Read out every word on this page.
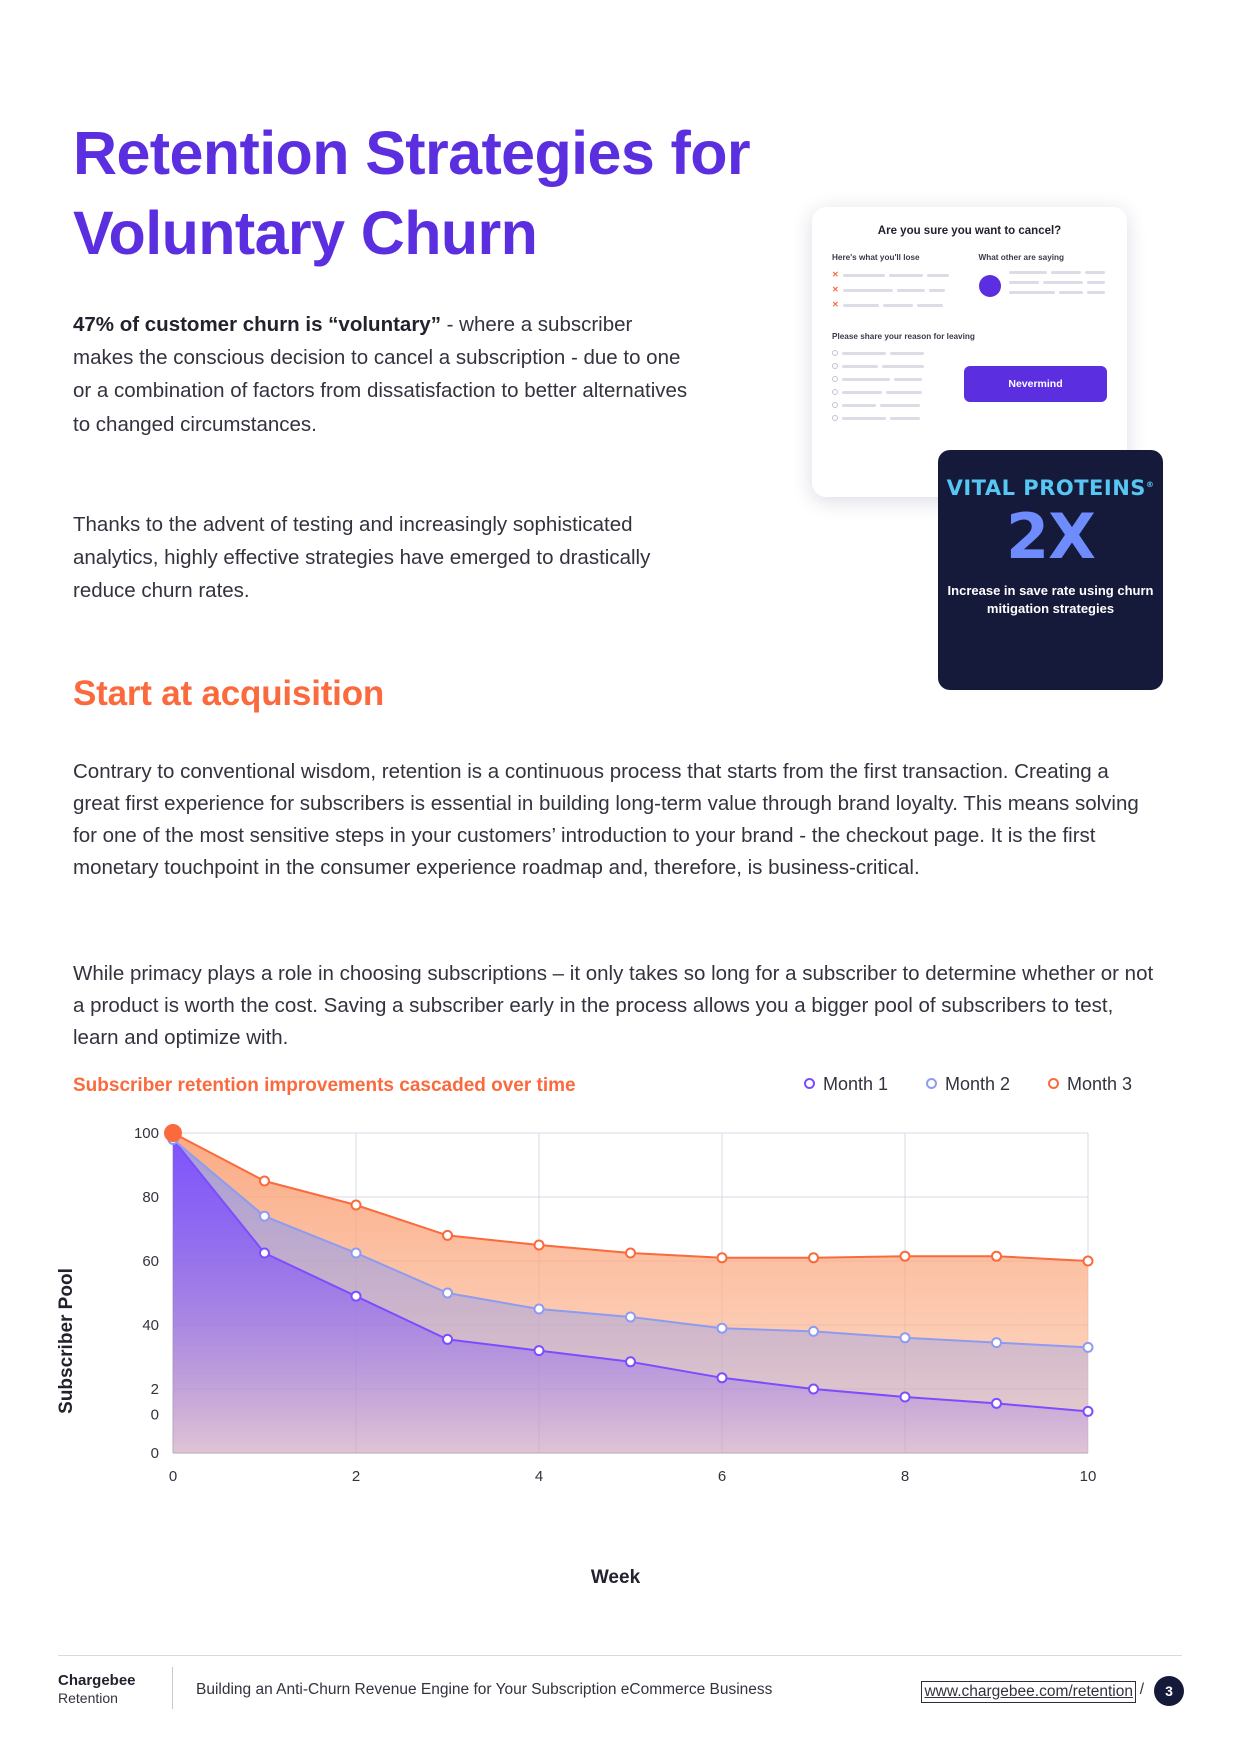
Retention Strategies for Voluntary Churn

47% of customer churn is “voluntary” - where a subscriber makes the conscious decision to cancel a subscription - due to one or a combination of factors from dissatisfaction to better alternatives to changed circumstances.

Thanks to the advent of testing and increasingly sophisticated analytics, highly effective strategies have emerged to drastically reduce churn rates.

Are you sure you want to cancel?
Here's what you'll lose
✕
✕
✕
What other are saying
Please share your reason for leaving
Nevermind
VITAL PROTEINS®
2X
Increase in save rate using churn mitigation strategies
Start at acquisition

Contrary to conventional wisdom, retention is a continuous process that starts from the first transaction. Creating a great first experience for subscribers is essential in building long-term value through brand loyalty. This means solving for one of the most sensitive steps in your customers’ introduction to your brand - the checkout page. It is the first monetary touchpoint in the consumer experience roadmap and, therefore, is business-critical.

While primacy plays a role in choosing subscriptions – it only takes so long for a subscriber to determine whether or not a product is worth the cost. Saving a subscriber early in the process allows you a bigger pool of subscribers to test, learn and optimize with.

Subscriber retention improvements cascaded over time	Month 1	Month 2	Month 3
Subscriber Pool
Week
100
80
60
40
2
0
0
0	2	4	6	8	10
Chargebee
Retention
Building an Anti-Churn Revenue Engine for Your Subscription eCommerce Business	www.chargebee.com/retention /	3
